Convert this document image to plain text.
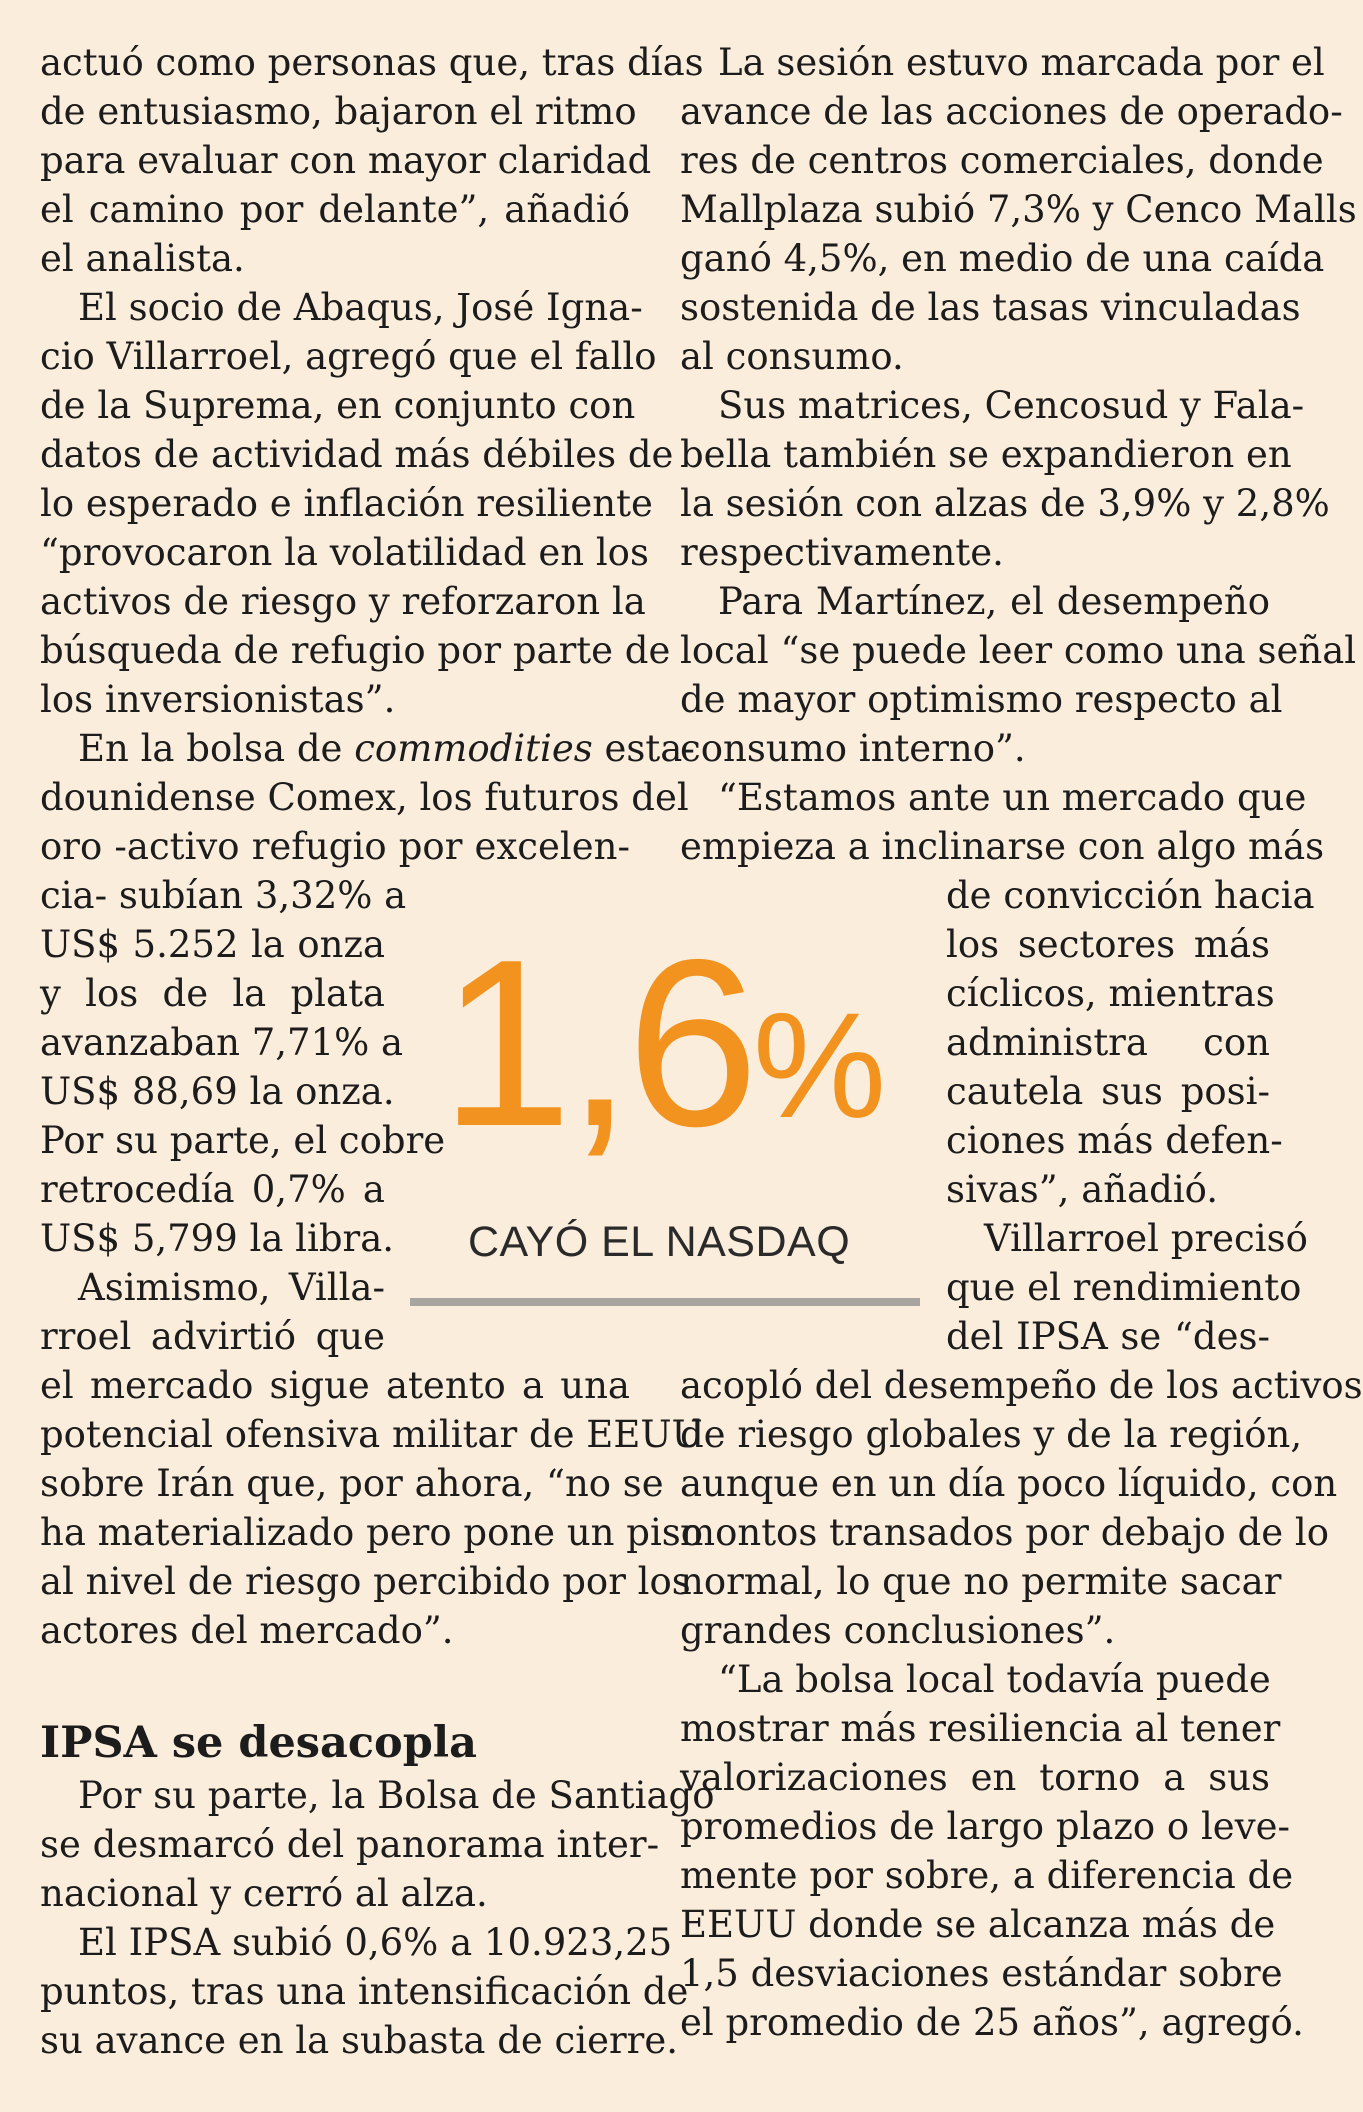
actuó como personas que, tras días
de entusiasmo, bajaron el ritmo
para evaluar con mayor claridad
el camino por delante”, añadió
el analista.
El socio de Abaqus, José Igna-
cio Villarroel, agregó que el fallo
de la Suprema, en conjunto con
datos de actividad más débiles de
lo esperado e inflación resiliente
“provocaron la volatilidad en los
activos de riesgo y reforzaron la
búsqueda de refugio por parte de
los inversionistas”.
En la bolsa de commodities esta-
dounidense Comex, los futuros del
oro -activo refugio por excelen-
cia- subían 3,32% a
US$ 5.252 la onza
y los de la plata
avanzaban 7,71% a
US$ 88,69 la onza.
Por su parte, el cobre
retrocedía 0,7% a
US$ 5,799 la libra.
Asimismo, Villa-
rroel advirtió que
el mercado sigue atento a una
potencial ofensiva militar de EEUU
sobre Irán que, por ahora, “no se
ha materializado pero pone un piso
al nivel de riesgo percibido por los
actores del mercado”.
Por su parte, la Bolsa de Santiago
se desmarcó del panorama inter-
nacional y cerró al alza.
El IPSA subió 0,6% a 10.923,25
puntos, tras una intensificación de
su avance en la subasta de cierre.
La sesión estuvo marcada por el
avance de las acciones de operado-
res de centros comerciales, donde
Mallplaza subió 7,3% y Cenco Malls
ganó 4,5%, en medio de una caída
sostenida de las tasas vinculadas
al consumo.
Sus matrices, Cencosud y Fala-
bella también se expandieron en
la sesión con alzas de 3,9% y 2,8%
respectivamente.
Para Martínez, el desempeño
local “se puede leer como una señal
de mayor optimismo respecto al
consumo interno”.
“Estamos ante un mercado que
empieza a inclinarse con algo más
de convicción hacia
los sectores más
cíclicos, mientras
administra con
cautela sus posi-
ciones más defen-
sivas”, añadió.
Villarroel precisó
que el rendimiento
del IPSA se “des-
acopló del desempeño de los activos
de riesgo globales y de la región,
aunque en un día poco líquido, con
montos transados por debajo de lo
normal, lo que no permite sacar
grandes conclusiones”.
“La bolsa local todavía puede
mostrar más resiliencia al tener
valorizaciones en torno a sus
promedios de largo plazo o leve-
mente por sobre, a diferencia de
EEUU donde se alcanza más de
1,5 desviaciones estándar sobre
el promedio de 25 años”, agregó.
IPSA se desacopla
1,6%
CAYÓ EL NASDAQ
